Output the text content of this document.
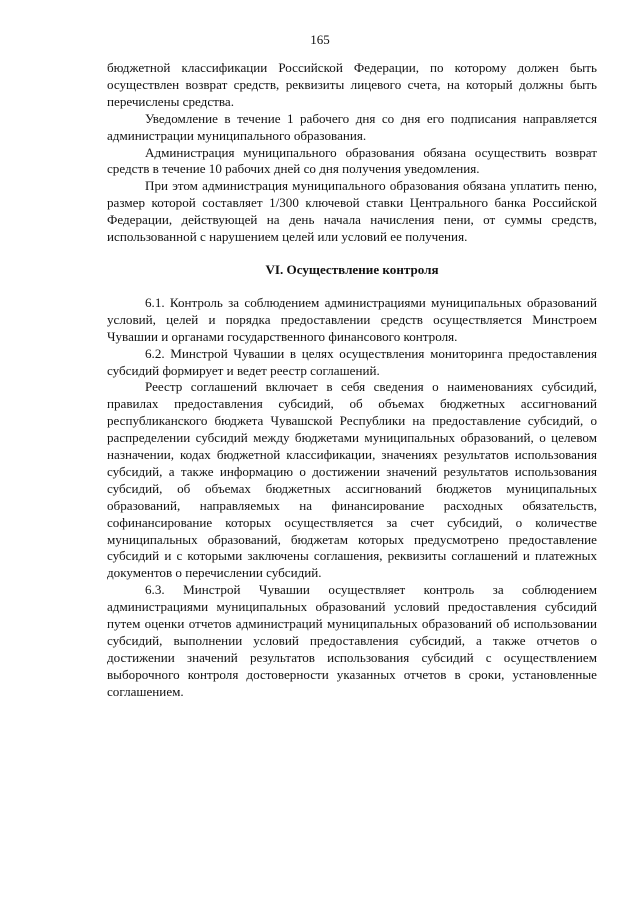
165

бюджетной классификации Российской Федерации, по которому должен быть осуществлен возврат средств, реквизиты лицевого счета, на который должны быть перечислены средства.

Уведомление в течение 1 рабочего дня со дня его подписания направляется администрации муниципального образования.

Администрация муниципального образования обязана осуществить возврат средств в течение 10 рабочих дней со дня получения уведомления.

При этом администрация муниципального образования обязана уплатить пеню, размер которой составляет 1/300 ключевой ставки Центрального банка Российской Федерации, действующей на день начала начисления пени, от суммы средств, использованной с нарушением целей или условий ее получения.

VI. Осуществление контроля

6.1. Контроль за соблюдением администрациями муниципальных образований условий, целей и порядка предоставлении средств осуществляется Минстроем Чувашии и органами государственного финансового контроля.

6.2. Минстрой Чувашии в целях осуществления мониторинга предоставления субсидий формирует и ведет реестр соглашений.

Реестр соглашений включает в себя сведения о наименованиях субсидий, правилах предоставления субсидий, об объемах бюджетных ассигнований республиканского бюджета Чувашской Республики на предоставление субсидий, о распределении субсидий между бюджетами муниципальных образований, о целевом назначении, кодах бюджетной классификации, значениях результатов использования субсидий, а также информацию о достижении значений результатов использования субсидий, об объемах бюджетных ассигнований бюджетов муниципальных образований, направляемых на финансирование расходных обязательств, софинансирование которых осуществляется за счет субсидий, о количестве муниципальных образований, бюджетам которых предусмотрено предоставление субсидий и с которыми заключены соглашения, реквизиты соглашений и платежных документов о перечислении субсидий.

6.3. Минстрой Чувашии осуществляет контроль за соблюдением администрациями муниципальных образований условий предоставления субсидий путем оценки отчетов администраций муниципальных образований об использовании субсидий, выполнении условий предоставления субсидий, а также отчетов о достижении значений результатов использования субсидий с осуществлением выборочного контроля достоверности указанных отчетов в сроки, установленные соглашением.
